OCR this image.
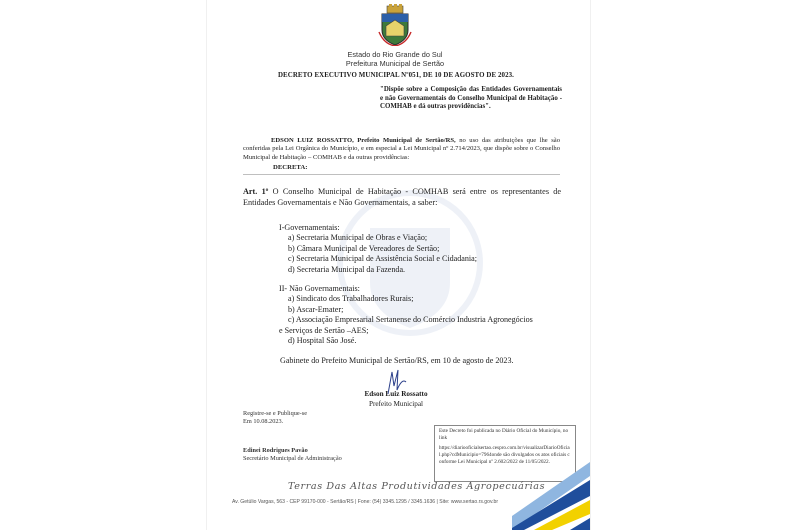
Estado do Rio Grande do Sul
Prefeitura Municipal de Sertão
DECRETO EXECUTIVO MUNICIPAL Nº051, DE 10 DE AGOSTO DE 2023.
"Dispõe sobre a Composição das Entidades Governamentais e não Governamentais do Conselho Municipal de Habitação - COMHAB e dá outras providências".
EDSON LUIZ ROSSATTO, Prefeito Municipal de Sertão/RS, no uso das atribuições que lhe são conferidas pela Lei Orgânica do Município, e em especial a Lei Municipal nº 2.714/2023, que dispõe sobre o Conselho Municipal de Habitação – COMHAB e da outras providências:
DECRETA:
Art. 1º O Conselho Municipal de Habitação - COMHAB será entre os representantes de Entidades Governamentais e Não Governamentais, a saber:
I-Governamentais:
a) Secretaria Municipal de Obras e Viação;
b) Câmara Municipal de Vereadores de Sertão;
c) Secretaria Municipal de Assistência Social e Cidadania;
d) Secretaria Municipal da Fazenda.
II- Não Governamentais:
a) Sindicato dos Trabalhadores Rurais;
b) Ascar-Emater;
c) Associação Empresarial Sertanense do Comércio Industria Agronegócios
e Serviços de Sertão –AES;
d) Hospital São José.
Gabinete do Prefeito Municipal de Sertão/RS, em 10 de agosto de 2023.
Edson Luiz Rossatto
Prefeito Municipal
Registre-se e Publique-se
Em 10.08.2023.
Edinei Rodrigues Pavão
Secretário Municipal de Administração
Este Decreto foi publicada no Diário Oficial do Município, no link
https://diariooficialsertao.cespro.com.br/visualizarDiarioOficial.php?cdMunicipio=7964onde são divulgados os atos oficiais conforme Lei Municipal nº 2.602/2022 de 11/05/2022.
Terras Das Altas Produtividades Agropecuárias
Av. Getúlio Vargas, 563 - CEP 99170-000 - Sertão/RS | Fone: (54) 3345.1295 / 3345.1636 | Site: www.sertao.rs.gov.br
